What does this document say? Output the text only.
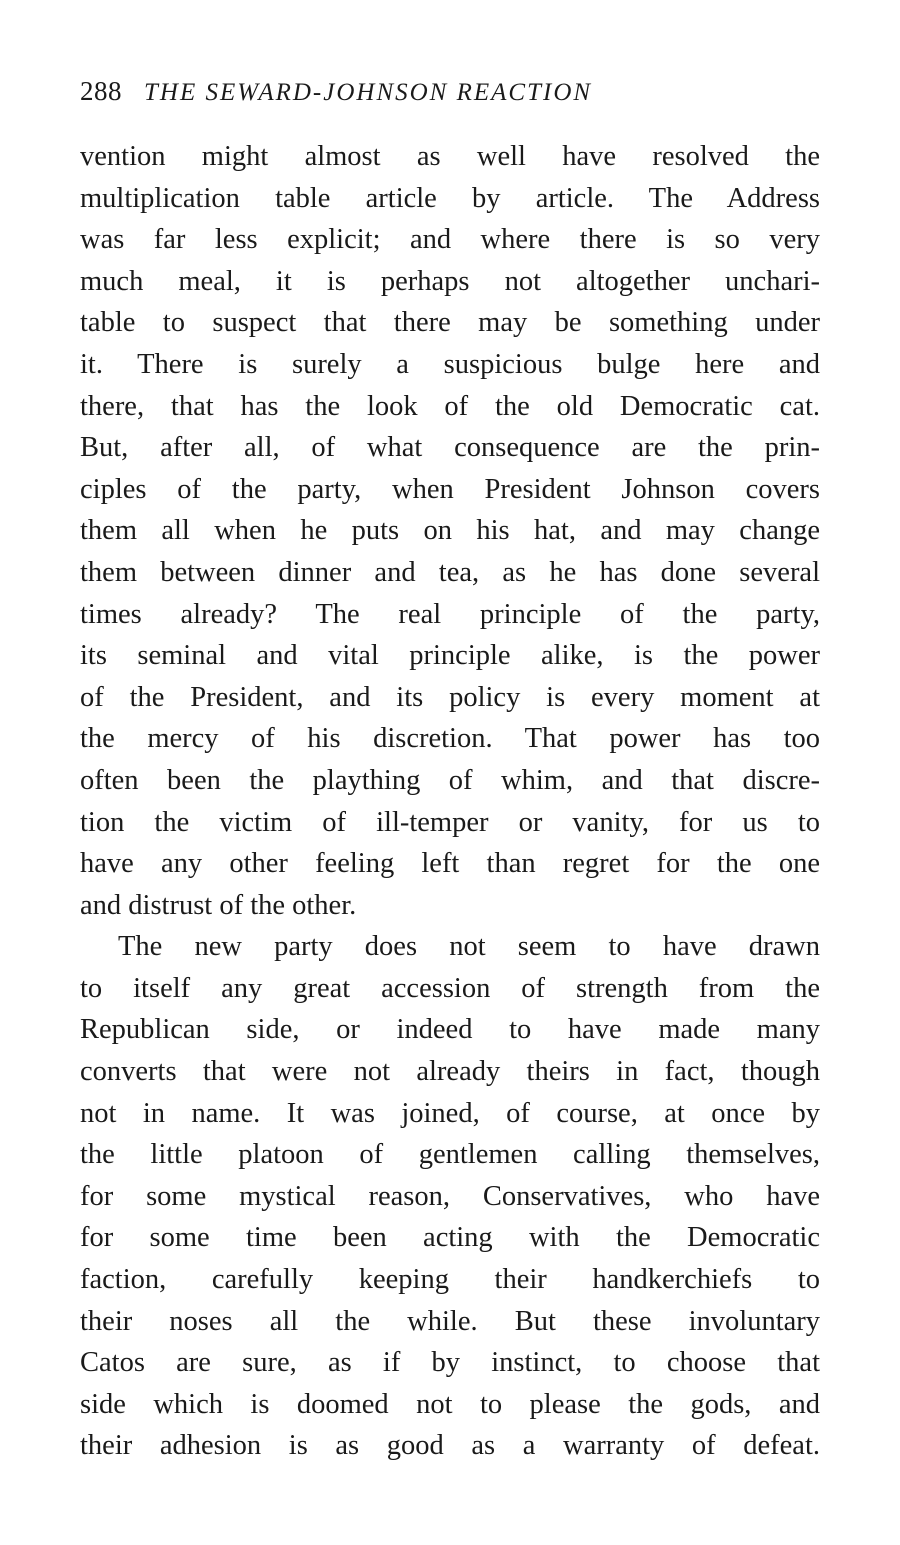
288 THE SEWARD-JOHNSON REACTION
vention might almost as well have resolved the
multiplication table article by article. The Address
was far less explicit; and where there is so very
much meal, it is perhaps not altogether unchari-
table to suspect that there may be something under
it. There is surely a suspicious bulge here and
there, that has the look of the old Democratic cat.
But, after all, of what consequence are the prin-
ciples of the party, when President Johnson covers
them all when he puts on his hat, and may change
them between dinner and tea, as he has done several
times already? The real principle of the party,
its seminal and vital principle alike, is the power
of the President, and its policy is every moment at
the mercy of his discretion. That power has too
often been the plaything of whim, and that discre-
tion the victim of ill-temper or vanity, for us to
have any other feeling left than regret for the one
and distrust of the other.
The new party does not seem to have drawn
to itself any great accession of strength from the
Republican side, or indeed to have made many
converts that were not already theirs in fact, though
not in name. It was joined, of course, at once by
the little platoon of gentlemen calling themselves,
for some mystical reason, Conservatives, who have
for some time been acting with the Democratic
faction, carefully keeping their handkerchiefs to
their noses all the while. But these involuntary
Catos are sure, as if by instinct, to choose that
side which is doomed not to please the gods, and
their adhesion is as good as a warranty of defeat.
